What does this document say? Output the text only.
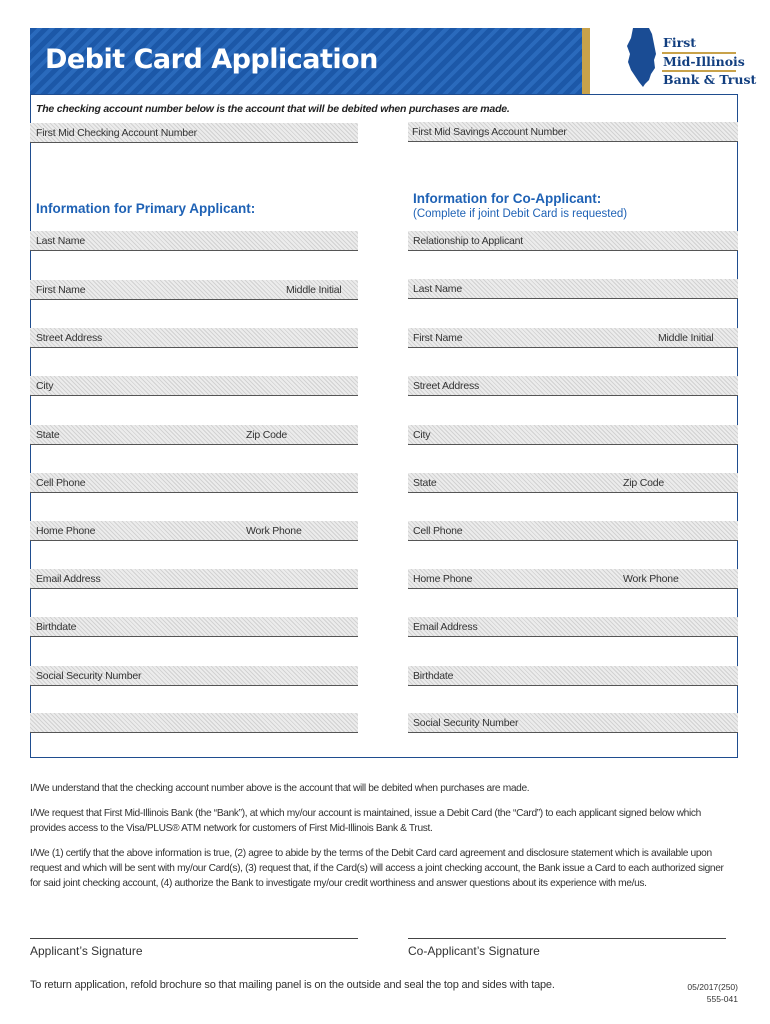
Debit Card Application
First
Mid-Illinois
Bank & Trust
The checking account number below is the account that will be debited when purchases are made.
First Mid Checking Account Number	First Mid Savings Account Number
Information for Primary Applicant:
Information for Co-Applicant:
(Complete if joint Debit Card is requested)
Last Name
First Name	Middle Initial
Street Address
City
State	Zip Code
Cell Phone
Home Phone	Work Phone
Email Address
Birthdate
Social Security Number
Relationship to Applicant
Last Name
First Name	Middle Initial
Street Address
City
State	Zip Code
Cell Phone
Home Phone	Work Phone
Email Address
Birthdate
Social Security Number
I/We understand that the checking account number above is the account that will be debited when purchases are made.
I/We request that First Mid-Illinois Bank (the “Bank”), at which my/our account is maintained, issue a Debit Card (the “Card”) to each applicant signed below which provides access to the Visa/PLUS® ATM network for customers of First Mid-Illinois Bank & Trust.
I/We (1) certify that the above information is true, (2) agree to abide by the terms of the Debit Card card agreement and disclosure statement which is available upon request and which will be sent with my/our Card(s), (3) request that, if the Card(s) will access a joint checking account, the Bank issue a Card to each authorized signer for said joint checking account, (4) authorize the Bank to investigate my/our credit worthiness and answer questions about its experience with me/us.
Applicant’s Signature	Co-Applicant’s Signature
To return application, refold brochure so that mailing panel is on the outside and seal the top and sides with tape.	05/2017(250)
555-041
